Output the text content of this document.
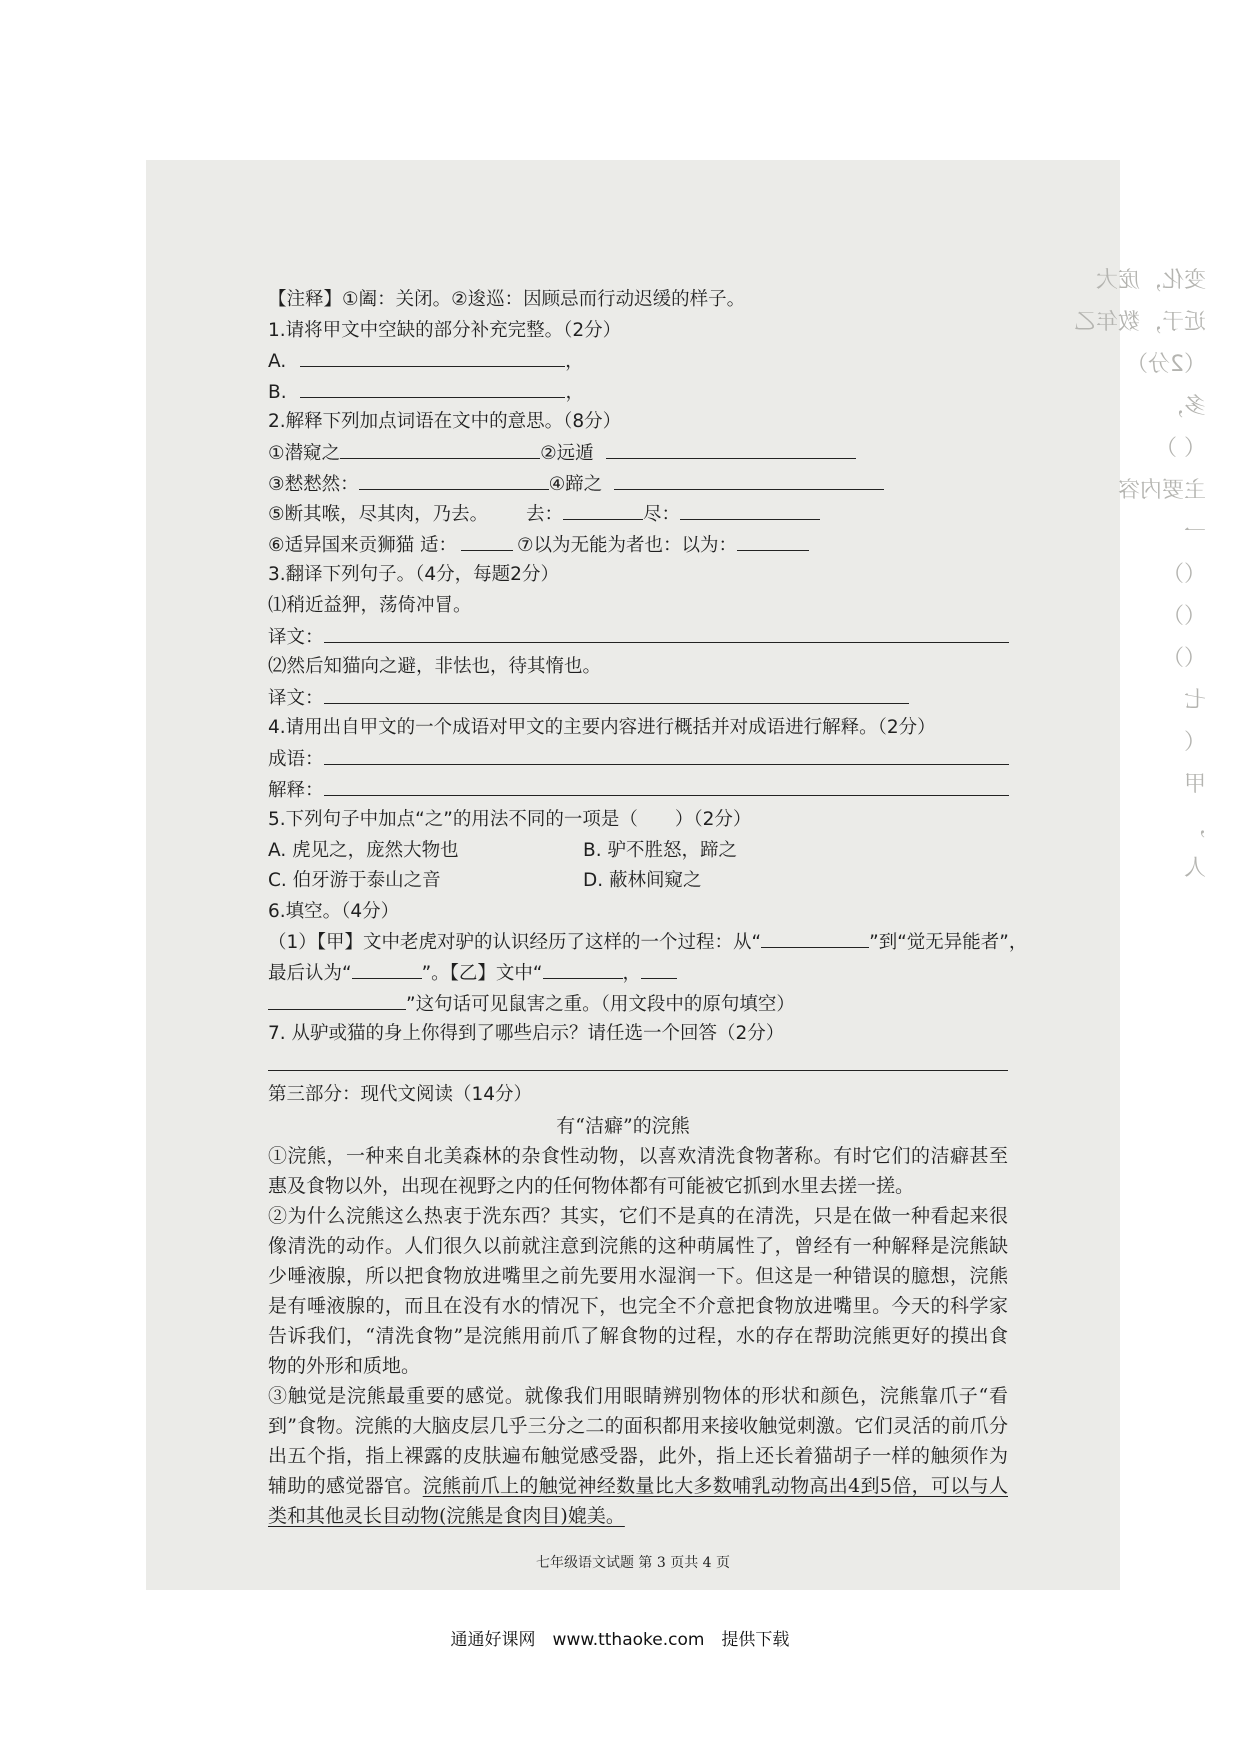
变化，庞大
近于，数年乙
（2分）
多，
（ ）
主要内容
一
（）
（）
（）
七
（
甲
，
人
【注释】①阖：关闭。②逡巡：因顾忌而行动迟缓的样子。
1.请将甲文中空缺的部分补充完整。（2分）
A.	，
B.	，
2.解释下列加点词语在文中的意思。（8分）
①潜窥之	②远遁
③慭慭然：	④蹄之
⑤断其喉，尽其肉，乃去。 去：	尽：
⑥适异国来贡狮猫 适：	⑦以为无能为者也：以为：
3.翻译下列句子。（4分，每题2分）
⑴稍近益狎，荡倚冲冒。
译文：
⑵然后知猫向之避，非怯也，待其惰也。
译文：
4.请用出自甲文的一个成语对甲文的主要内容进行概括并对成语进行解释。（2分）
成语：
解释：
5.下列句子中加点“之”的用法不同的一项是（　　）（2分）
A. 虎见之，庞然大物也	B. 驴不胜怒，蹄之
C. 伯牙游于泰山之音	D. 蔽林间窥之
6.填空。（4分）
（1）【甲】文中老虎对驴的认识经历了这样的一个过程：从“	”到“觉无异能者”，
最后认为“	”。【乙】文中“	，
”这句话可见鼠害之重。（用文段中的原句填空）
7. 从驴或猫的身上你得到了哪些启示？请任选一个回答（2分）
第三部分：现代文阅读（14分）
有“洁癖”的浣熊

①浣熊，一种来自北美森林的杂食性动物，以喜欢清洗食物著称。有时它们的洁癖甚至惠及食物以外，出现在视野之内的任何物体都有可能被它抓到水里去搓一搓。

②为什么浣熊这么热衷于洗东西？其实，它们不是真的在清洗，只是在做一种看起来很像清洗的动作。人们很久以前就注意到浣熊的这种萌属性了，曾经有一种解释是浣熊缺少唾液腺，所以把食物放进嘴里之前先要用水湿润一下。但这是一种错误的臆想，浣熊是有唾液腺的，而且在没有水的情况下，也完全不介意把食物放进嘴里。今天的科学家告诉我们，“清洗食物”是浣熊用前爪了解食物的过程，水的存在帮助浣熊更好的摸出食物的外形和质地。

③触觉是浣熊最重要的感觉。就像我们用眼睛辨别物体的形状和颜色，浣熊靠爪子“看到”食物。浣熊的大脑皮层几乎三分之二的面积都用来接收触觉刺激。它们灵活的前爪分出五个指，指上裸露的皮肤遍布触觉感受器，此外，指上还长着猫胡子一样的触须作为辅助的感觉器官。浣熊前爪上的触觉神经数量比大多数哺乳动物高出4到5倍，可以与人类和其他灵长目动物(浣熊是食肉目)媲美。

七年级语文试题 第 3 页共 4 页
通通好课网　www.tthaoke.com　提供下载
